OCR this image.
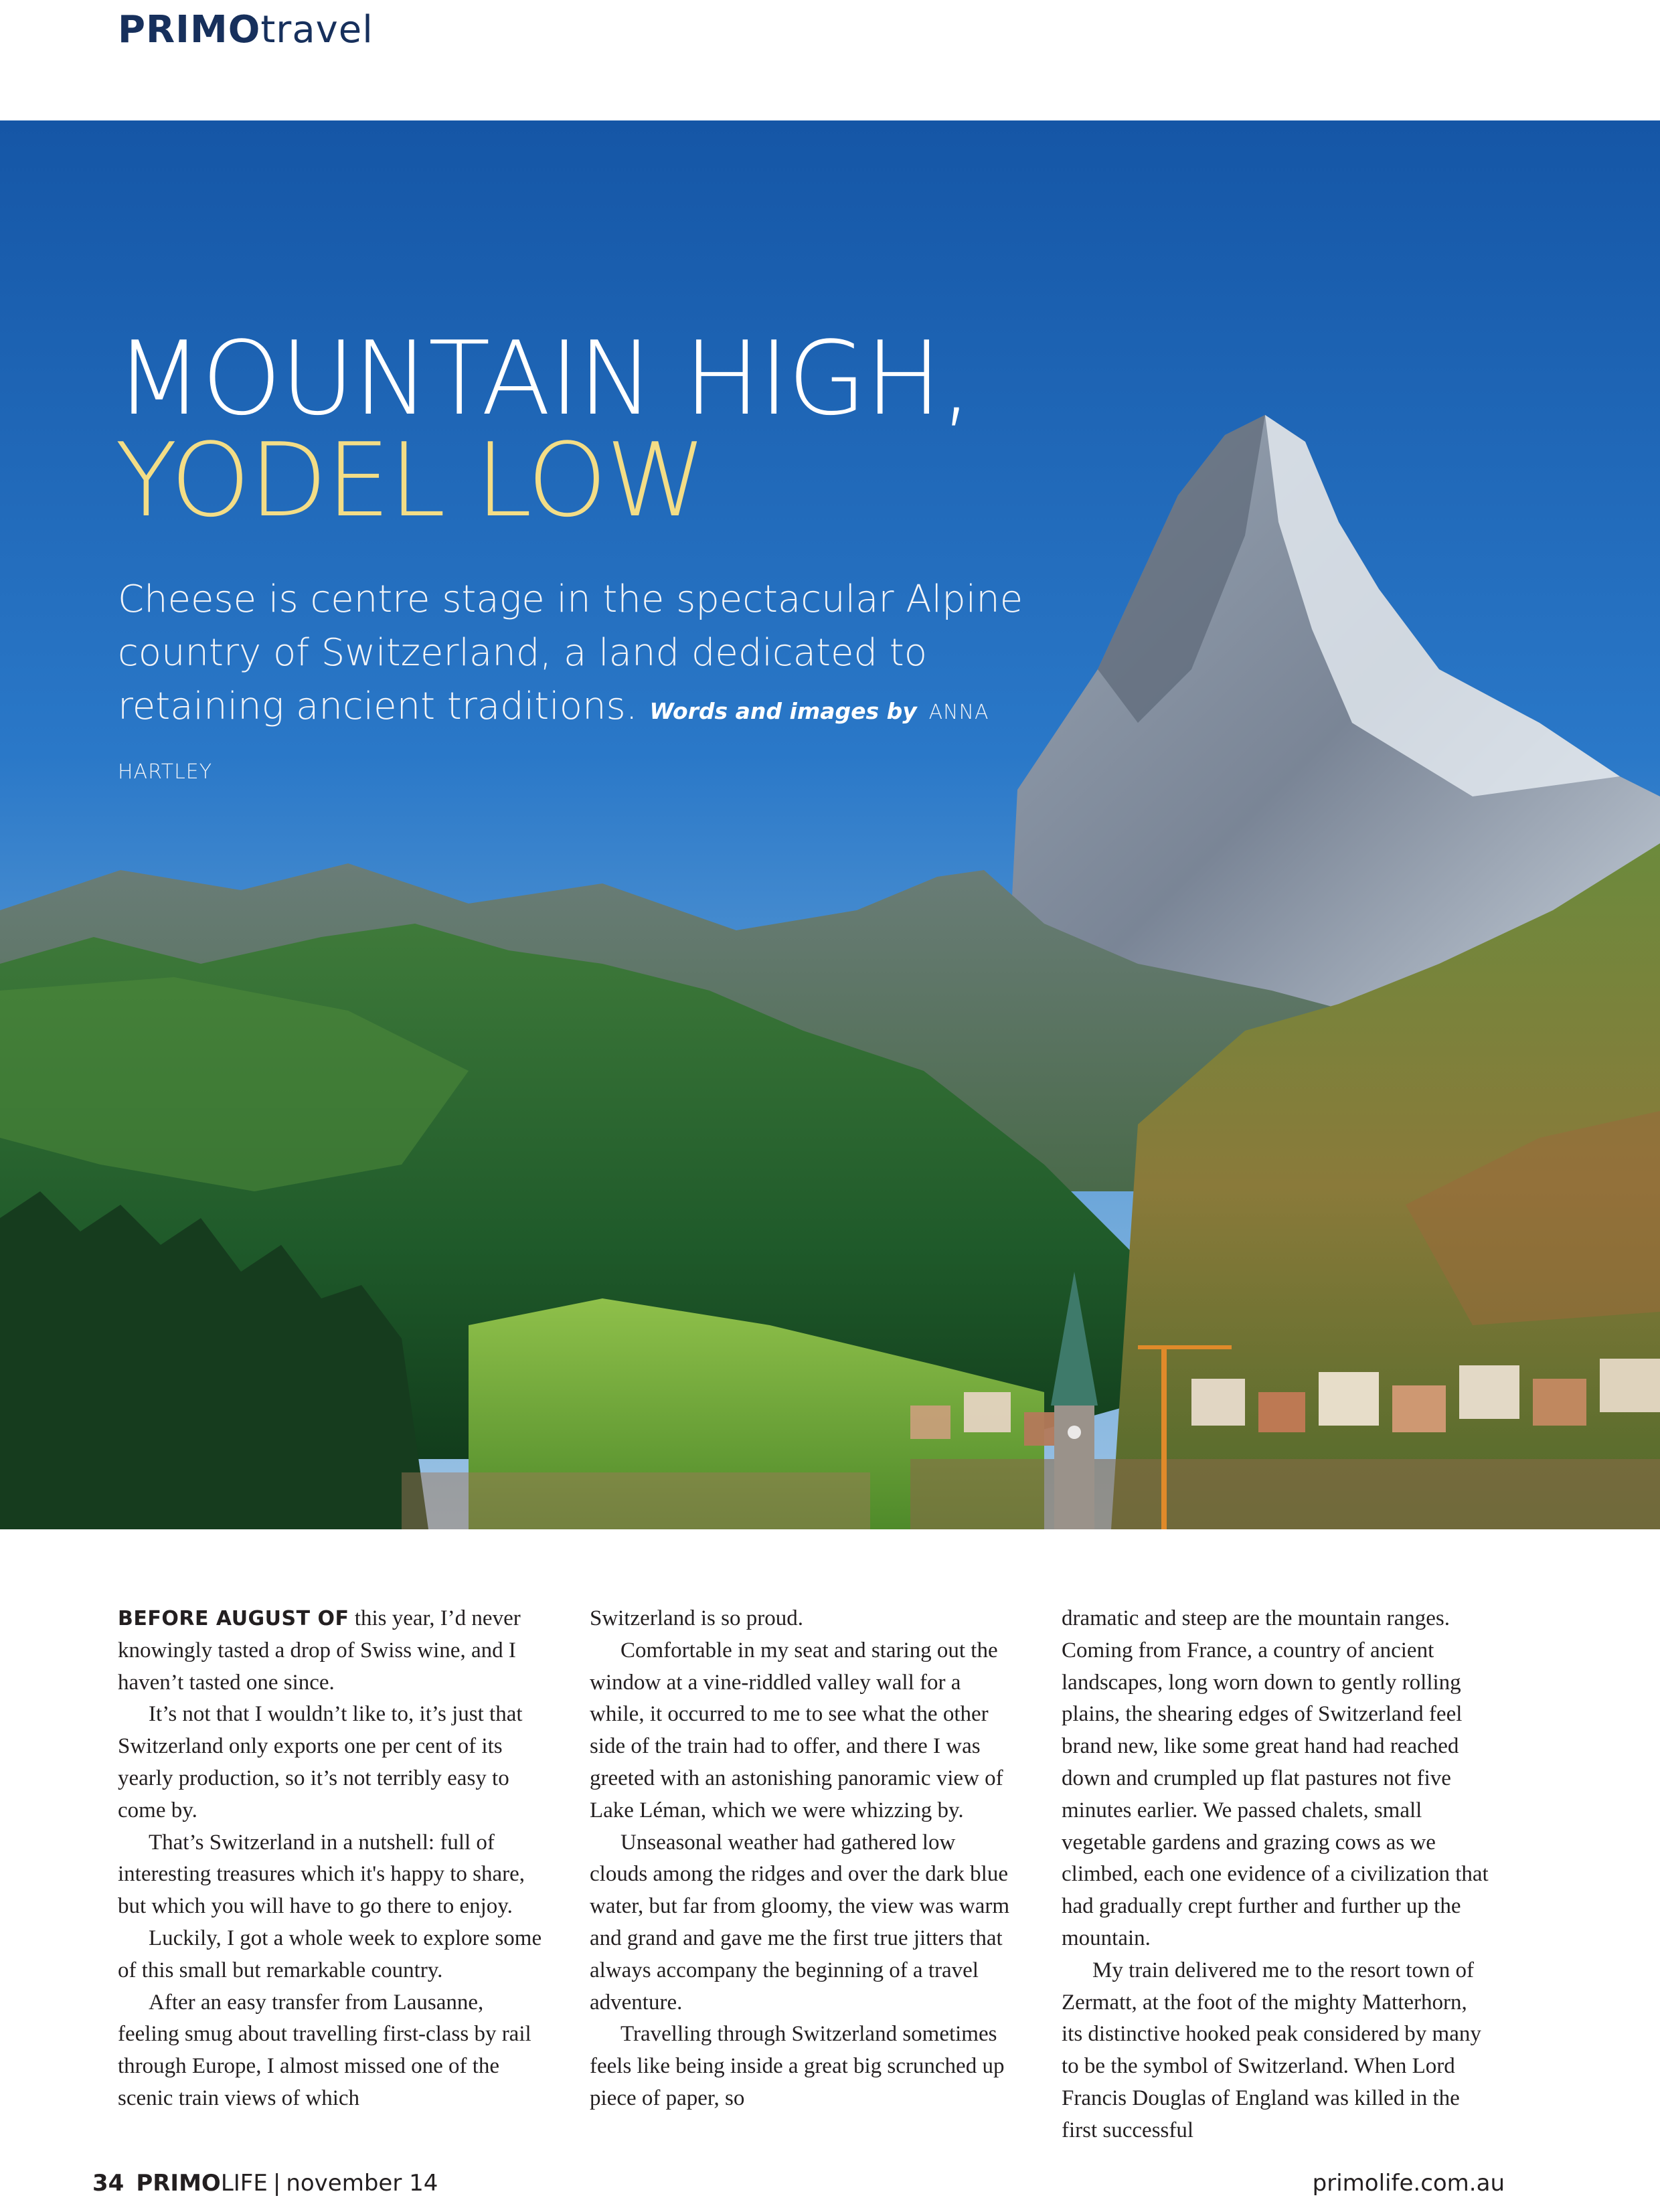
PRIMOtravel
MOUNTAIN HIGH,
YODEL LOW
Cheese is centre stage in the spectacular Alpine country of Switzerland, a land dedicated to retaining ancient traditions. Words and images by ANNA HARTLEY

BEFORE AUGUST OF this year, I’d never knowingly tasted a drop of Swiss wine, and I haven’t tasted one since.

It’s not that I wouldn’t like to, it’s just that Switzerland only exports one per cent of its yearly production, so it’s not terribly easy to come by.

That’s Switzerland in a nutshell: full of interesting treasures which it's happy to share, but which you will have to go there to enjoy.

Luckily, I got a whole week to explore some of this small but remarkable country.

After an easy transfer from Lausanne, feeling smug about travelling first-class by rail through Europe, I almost missed one of the scenic train views of which

Switzerland is so proud.

Comfortable in my seat and staring out the window at a vine-riddled valley wall for a while, it occurred to me to see what the other side of the train had to offer, and there I was greeted with an astonishing panoramic view of Lake Léman, which we were whizzing by.

Unseasonal weather had gathered low clouds among the ridges and over the dark blue water, but far from gloomy, the view was warm and grand and gave me the first true jitters that always accompany the beginning of a travel adventure.

Travelling through Switzerland sometimes feels like being inside a great big scrunched up piece of paper, so

dramatic and steep are the mountain ranges. Coming from France, a country of ancient landscapes, long worn down to gently rolling plains, the shearing edges of Switzerland feel brand new, like some great hand had reached down and crumpled up flat pastures not five minutes earlier. We passed chalets, small vegetable gardens and grazing cows as we climbed, each one evidence of a civilization that had gradually crept further and further up the mountain.

My train delivered me to the resort town of Zermatt, at the foot of the mighty Matterhorn, its distinctive hooked peak considered by many to be the symbol of Switzerland. When Lord Francis Douglas of England was killed in the first successful

34 PRIMOLIFE | november 14	primolife.com.au
